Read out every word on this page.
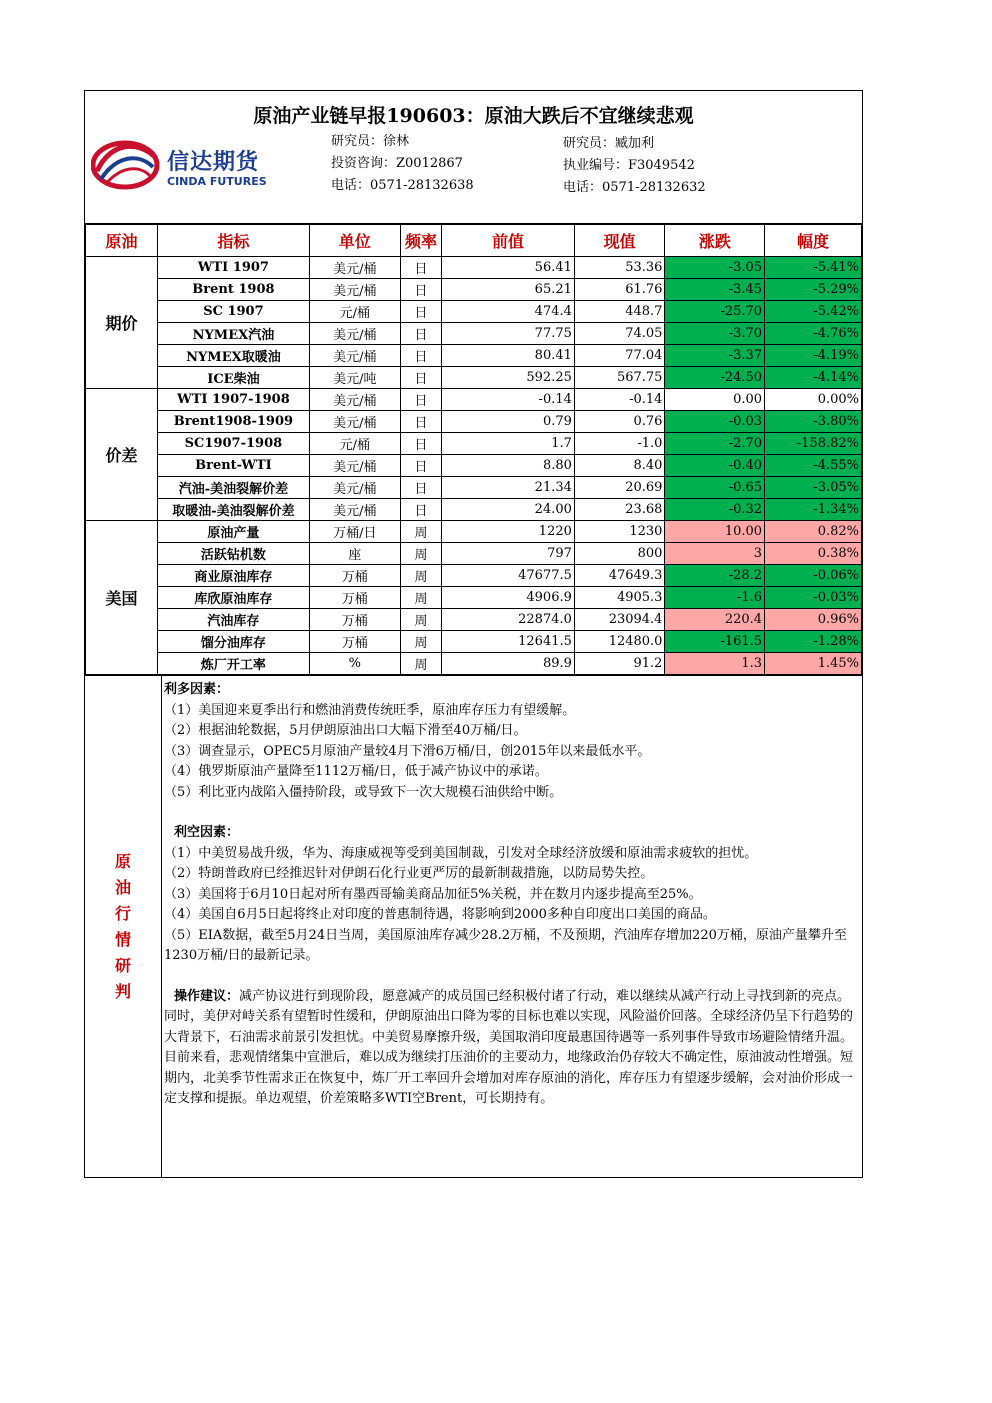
原油产业链早报190603：原油大跌后不宜继续悲观
信达期货
CINDA FUTURES
研究员：徐林
投资咨询：Z0012867
电话：0571-28132638
研究员：臧加利
执业编号：F3049542
电话：0571-28132632
原油	指标	单位	频率	前值	现值	涨跌	幅度
期价	WTI 1907	美元/桶	日	56.41	53.36	-3.05	-5.41%
	Brent 1908	美元/桶	日	65.21	61.76	-3.45	-5.29%
	SC 1907	元/桶	日	474.4	448.7	-25.70	-5.42%
	NYMEX汽油	美元/桶	日	77.75	74.05	-3.70	-4.76%
	NYMEX取暖油	美元/桶	日	80.41	77.04	-3.37	-4.19%
	ICE柴油	美元/吨	日	592.25	567.75	-24.50	-4.14%
价差	WTI 1907-1908	美元/桶	日	-0.14	-0.14	0.00	0.00%
	Brent1908-1909	美元/桶	日	0.79	0.76	-0.03	-3.80%
	SC1907-1908	元/桶	日	1.7	-1.0	-2.70	-158.82%
	Brent-WTI	美元/桶	日	8.80	8.40	-0.40	-4.55%
	汽油-美油裂解价差	美元/桶	日	21.34	20.69	-0.65	-3.05%
	取暖油-美油裂解价差	美元/桶	日	24.00	23.68	-0.32	-1.34%
美国	原油产量	万桶/日	周	1220	1230	10.00	0.82%
	活跃钻机数	座	周	797	800	3	0.38%
	商业原油库存	万桶	周	47677.5	47649.3	-28.2	-0.06%
	库欣原油库存	万桶	周	4906.9	4905.3	-1.6	-0.03%
	汽油库存	万桶	周	22874.0	23094.4	220.4	0.96%
	馏分油库存	万桶	周	12641.5	12480.0	-161.5	-1.28%
	炼厂开工率	%	周	89.9	91.2	1.3	1.45%
原油行情研判

利多因素：

（1）美国迎来夏季出行和燃油消费传统旺季，原油库存压力有望缓解。

（2）根据油轮数据，5月伊朗原油出口大幅下滑至40万桶/日。

（3）调查显示，OPEC5月原油产量较4月下滑6万桶/日，创2015年以来最低水平。

（4）俄罗斯原油产量降至1112万桶/日，低于减产协议中的承诺。

（5）利比亚内战陷入僵持阶段，或导致下一次大规模石油供给中断。

利空因素：

（1）中美贸易战升级，华为、海康威视等受到美国制裁，引发对全球经济放缓和原油需求疲软的担忧。

（2）特朗普政府已经推迟针对伊朗石化行业更严厉的最新制裁措施，以防局势失控。

（3）美国将于6月10日起对所有墨西哥输美商品加征5%关税，并在数月内逐步提高至25%。

（4）美国自6月5日起将终止对印度的普惠制待遇，将影响到2000多种自印度出口美国的商品。

（5）EIA数据，截至5月24日当周，美国原油库存减少28.2万桶，不及预期，汽油库存增加220万桶，原油产量攀升至1230万桶/日的最新记录。

操作建议：减产协议进行到现阶段，愿意减产的成员国已经积极付诸了行动，难以继续从减产行动上寻找到新的亮点。同时，美伊对峙关系有望暂时性缓和，伊朗原油出口降为零的目标也难以实现，风险溢价回落。全球经济仍呈下行趋势的大背景下，石油需求前景引发担忧。中美贸易摩擦升级，美国取消印度最惠国待遇等一系列事件导致市场避险情绪升温。目前来看，悲观情绪集中宣泄后，难以成为继续打压油价的主要动力，地缘政治仍存较大不确定性，原油波动性增强。短期内，北美季节性需求正在恢复中，炼厂开工率回升会增加对库存原油的消化，库存压力有望逐步缓解，会对油价形成一定支撑和提振。单边观望，价差策略多WTI空Brent，可长期持有。
